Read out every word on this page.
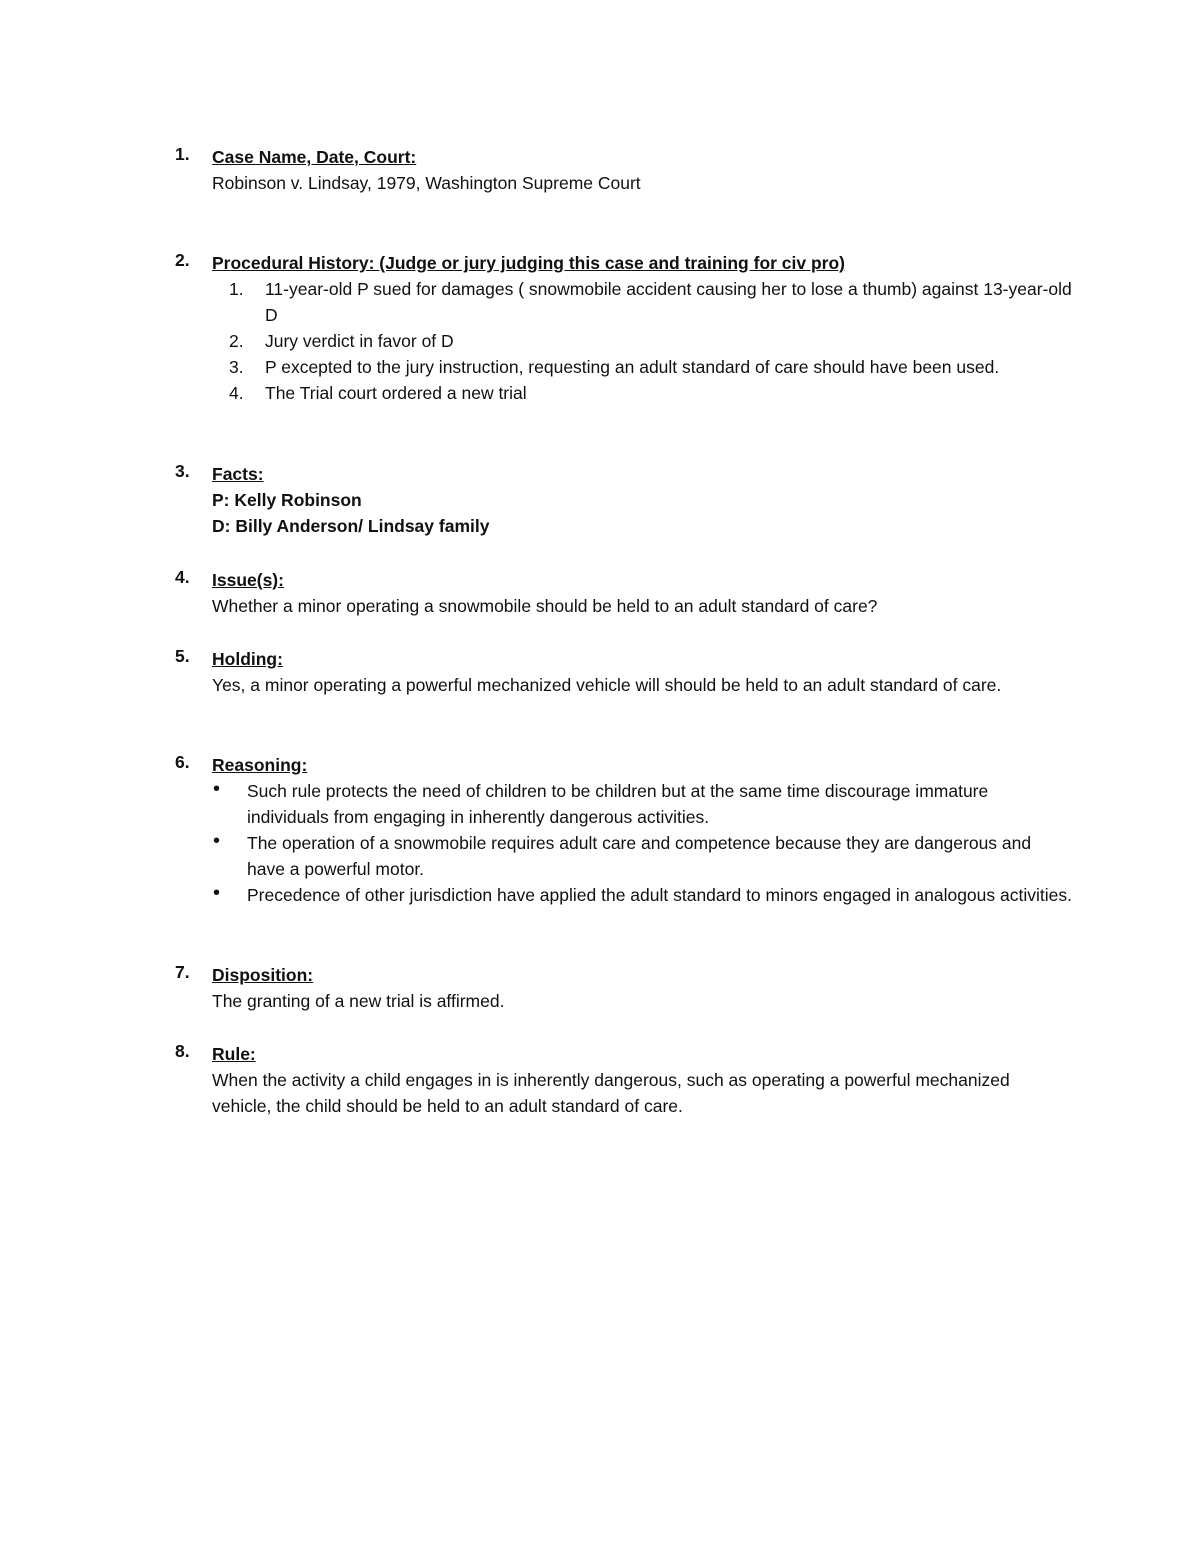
1. Case Name, Date, Court:
Robinson v. Lindsay, 1979, Washington Supreme Court
2. Procedural History: (Judge or jury judging this case and training for civ pro)
1. 11-year-old P sued for damages ( snowmobile accident causing her to lose a thumb) against 13-year-old D
2. Jury verdict in favor of D
3. P excepted to the jury instruction, requesting an adult standard of care should have been used.
4. The Trial court ordered a new trial
3. Facts:
P: Kelly Robinson
D: Billy Anderson/ Lindsay family
4. Issue(s):
Whether a minor operating a snowmobile should be held to an adult standard of care?
5. Holding:
Yes, a minor operating a powerful mechanized vehicle will should be held to an adult standard of care.
6. Reasoning:
• Such rule protects the need of children to be children but at the same time discourage immature individuals from engaging in inherently dangerous activities.
• The operation of a snowmobile requires adult care and competence because they are dangerous and have a powerful motor.
• Precedence of other jurisdiction have applied the adult standard to minors engaged in analogous activities.
7. Disposition:
The granting of a new trial is affirmed.
8. Rule:
When the activity a child engages in is inherently dangerous, such as operating a powerful mechanized vehicle, the child should be held to an adult standard of care.
